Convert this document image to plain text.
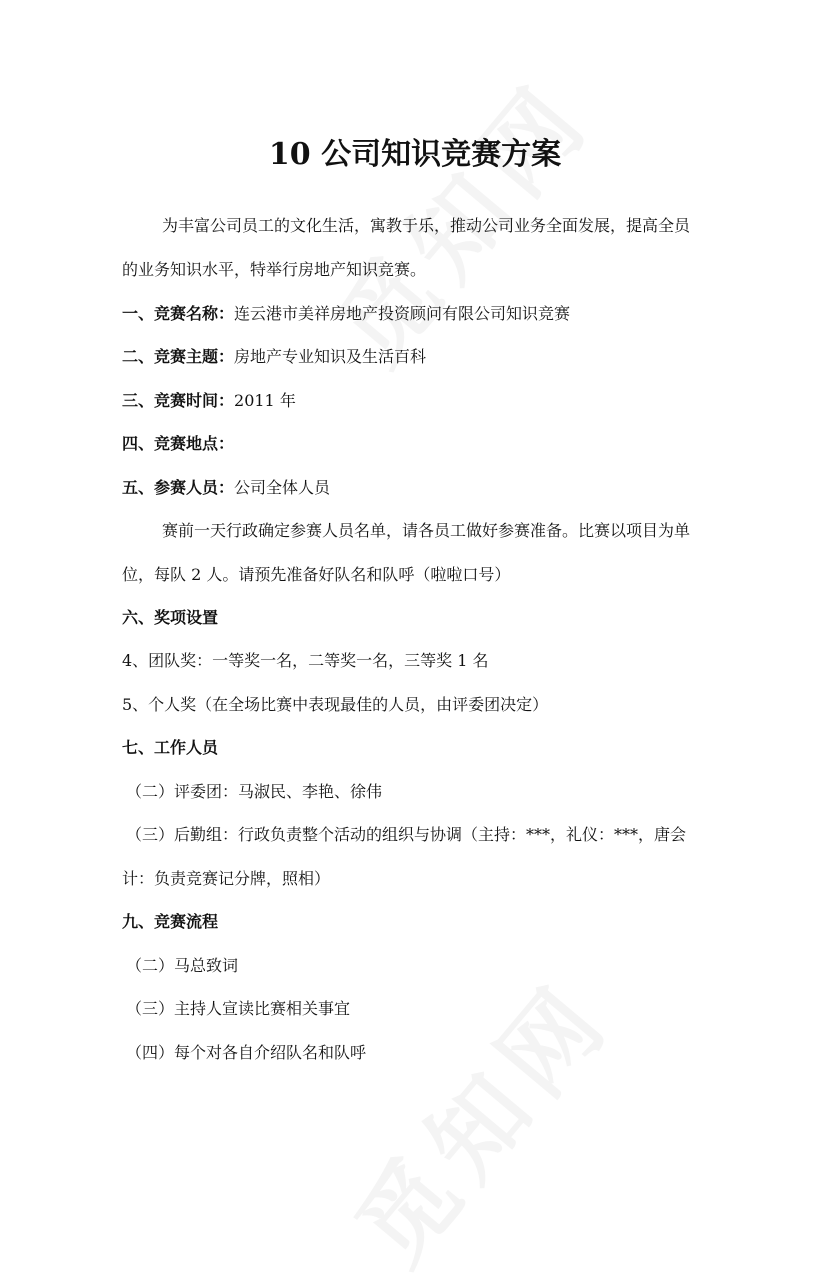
10 公司知识竞赛方案

为丰富公司员工的文化生活，寓教于乐，推动公司业务全面发展，提高全员

的业务知识水平，特举行房地产知识竞赛。

一、竞赛名称：连云港市美祥房地产投资顾问有限公司知识竞赛

二、竞赛主题：房地产专业知识及生活百科

三、竞赛时间：2011 年

四、竞赛地点：

五、参赛人员：公司全体人员

赛前一天行政确定参赛人员名单，请各员工做好参赛准备。比赛以项目为单

位，每队 2 人。请预先准备好队名和队呼（啦啦口号）

六、奖项设置

4、团队奖：一等奖一名，二等奖一名，三等奖 1 名

5、个人奖（在全场比赛中表现最佳的人员，由评委团决定）

七、工作人员

（二）评委团：马淑民、李艳、徐伟

（三）后勤组：行政负责整个活动的组织与协调（主持：***，礼仪：***，唐会

计：负责竞赛记分牌，照相）

九、竞赛流程

（二）马总致词

（三）主持人宣读比赛相关事宜

（四）每个对各自介绍队名和队呼
